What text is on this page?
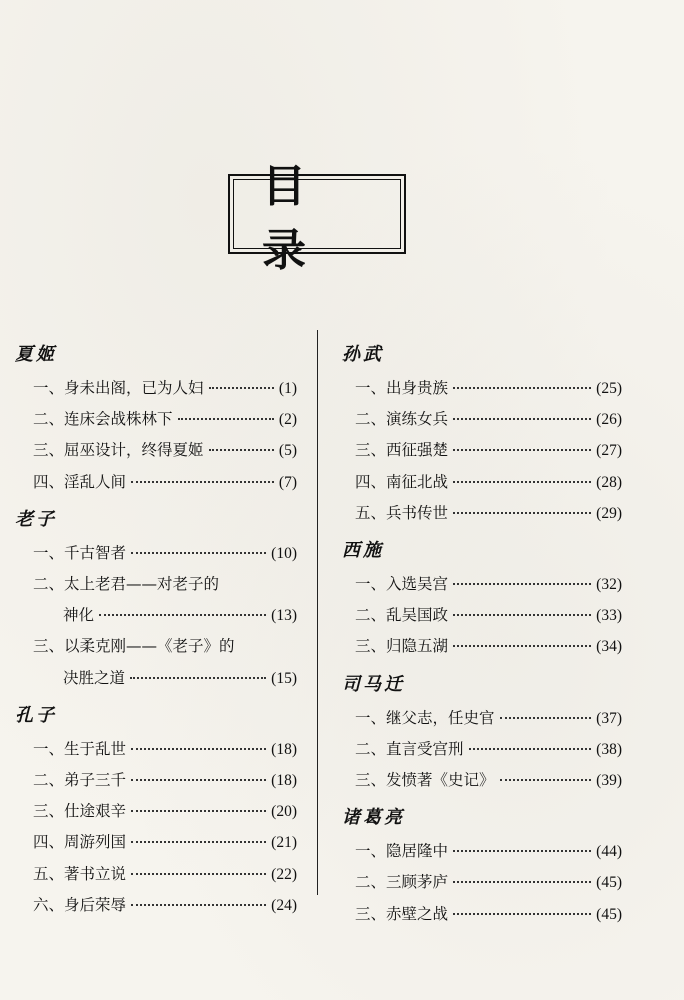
目 录
夏姬
一、身未出阁，已为人妇	(1)
二、连床会战株林下	(2)
三、屈巫设计，终得夏姬	(5)
四、淫乱人间	(7)
老子
一、千古智者	(10)
二、太上老君——对老子的
神化	(13)
三、以柔克刚——《老子》的
决胜之道	(15)
孔子
一、生于乱世	(18)
二、弟子三千	(18)
三、仕途艰辛	(20)
四、周游列国	(21)
五、著书立说	(22)
六、身后荣辱	(24)
孙武
一、出身贵族	(25)
二、演练女兵	(26)
三、西征强楚	(27)
四、南征北战	(28)
五、兵书传世	(29)
西施
一、入选吴宫	(32)
二、乱吴国政	(33)
三、归隐五湖	(34)
司马迁
一、继父志，任史官	(37)
二、直言受宫刑	(38)
三、发愤著《史记》	(39)
诸葛亮
一、隐居隆中	(44)
二、三顾茅庐	(45)
三、赤壁之战	(45)
